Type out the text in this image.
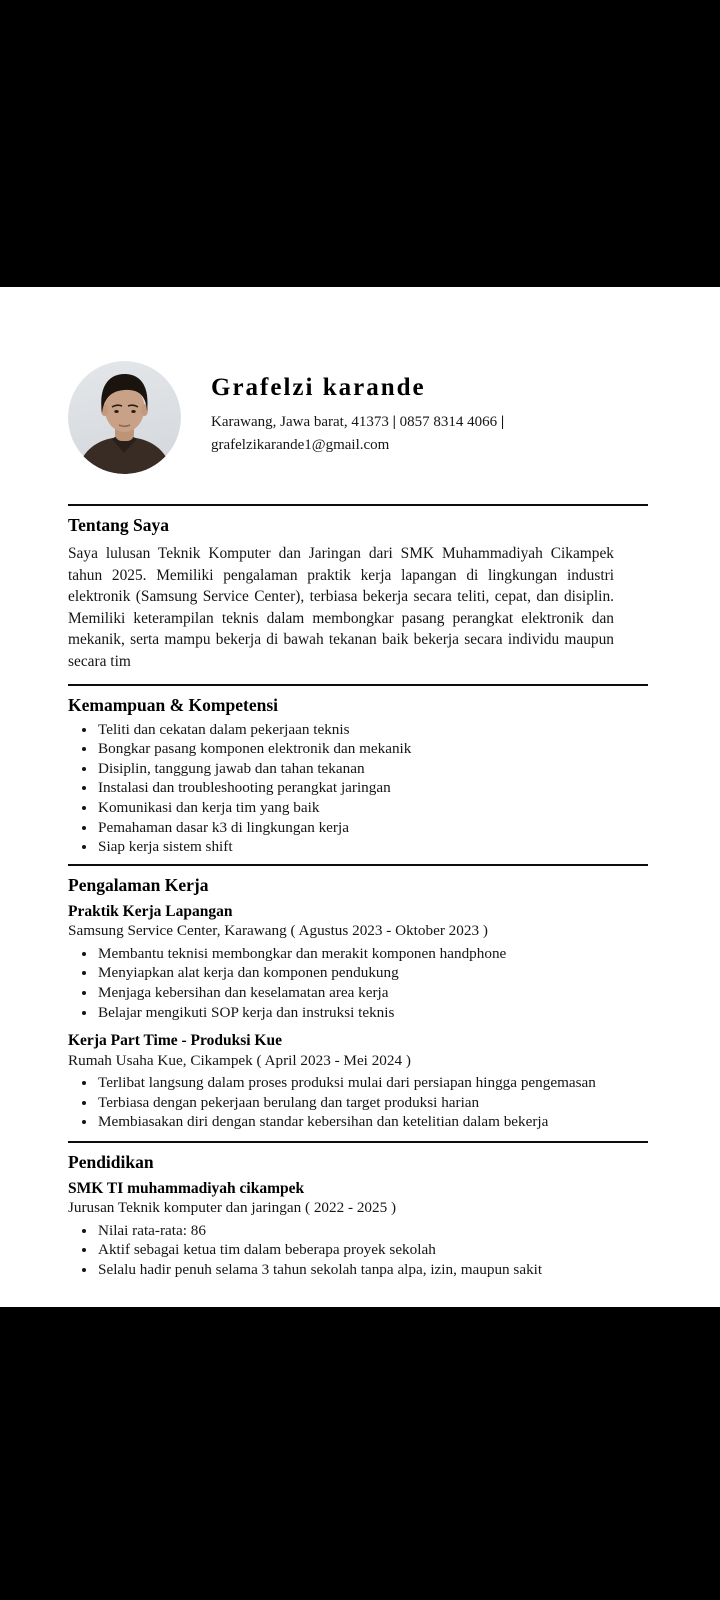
Grafelzi karande

Karawang, Jawa barat, 41373 | 0857 8314 4066 |

grafelzikarande1@gmail.com

Tentang Saya

Saya lulusan Teknik Komputer dan Jaringan dari SMK Muhammadiyah Cikampek tahun 2025. Memiliki pengalaman praktik kerja lapangan di lingkungan industri elektronik (Samsung Service Center), terbiasa bekerja secara teliti, cepat, dan disiplin. Memiliki keterampilan teknis dalam membongkar pasang perangkat elektronik dan mekanik, serta mampu bekerja di bawah tekanan baik bekerja secara individu maupun secara tim

Kemampuan & Kompetensi
• Teliti dan cekatan dalam pekerjaan teknis
• Bongkar pasang komponen elektronik dan mekanik
• Disiplin, tanggung jawab dan tahan tekanan
• Instalasi dan troubleshooting perangkat jaringan
• Komunikasi dan kerja tim yang baik
• Pemahaman dasar k3 di lingkungan kerja
• Siap kerja sistem shift
Pengalaman Kerja
Praktik Kerja Lapangan

Samsung Service Center, Karawang ( Agustus 2023 - Oktober 2023 )

• Membantu teknisi membongkar dan merakit komponen handphone
• Menyiapkan alat kerja dan komponen pendukung
• Menjaga kebersihan dan keselamatan area kerja
• Belajar mengikuti SOP kerja dan instruksi teknis
Kerja Part Time - Produksi Kue

Rumah Usaha Kue, Cikampek ( April 2023 - Mei 2024 )

• Terlibat langsung dalam proses produksi mulai dari persiapan hingga pengemasan
• Terbiasa dengan pekerjaan berulang dan target produksi harian
• Membiasakan diri dengan standar kebersihan dan ketelitian dalam bekerja
Pendidikan
SMK TI muhammadiyah cikampek

Jurusan Teknik komputer dan jaringan ( 2022 - 2025 )

• Nilai rata-rata: 86
• Aktif sebagai ketua tim dalam beberapa proyek sekolah
• Selalu hadir penuh selama 3 tahun sekolah tanpa alpa, izin, maupun sakit
